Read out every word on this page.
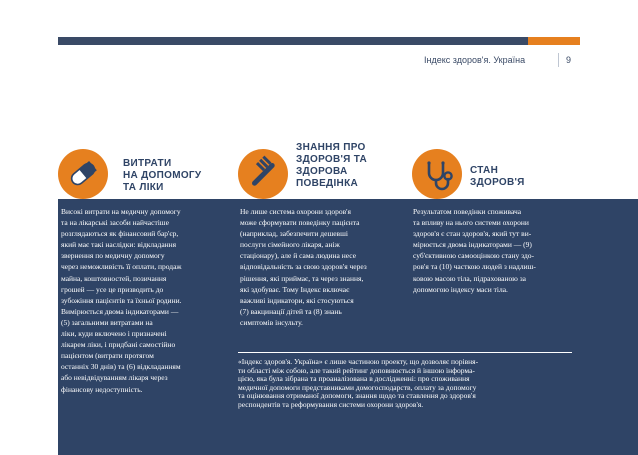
Індекс здоров'я. Україна	9
ВИТРАТИ
НА ДОПОМОГУ
ТА ЛІКИ
Високі витрати на медичну допомогу
та на лікарські засоби найчастіше
розглядаються як фінансовий бар'єр,
який має такі наслідки: відкладання
звернення по медичну допомогу
через неможливість її оплати, продаж
майна, коштовностей, позичання
грошей — усе це призводить до
зубожіння пацієнтів та їхньої родини.
Вимірюється двома індикаторами —
(5) загальними витратами на
ліки, куди включено і призначені
лікарем ліки, і придбані самостійно
пацієнтом (витрати протягом
останніх 30 днів) та (6) відкладанням
або невідвідуванням лікаря через
фінансову недоступність.
ЗНАННЯ ПРО
ЗДОРОВ'Я ТА
ЗДОРОВА
ПОВЕДІНКА
Не лише система охорони здоров'я
може сформувати поведінку пацієнта
(наприклад, забезпечити дешевші
послуги сімейного лікаря, аніж
стаціонару), але й сама людина несе
відповідальність за свою здоров'я через
рішення, які приймає, та через знання,
які здобуває. Тому Індекс включає
важливі індикатори, які стосуються
(7) вакцинації дітей та (8) знань
симптомів інсульту.
СТАН
ЗДОРОВ'Я
Результатом поведінки споживача
та впливу на нього системи охорони
здоров'я є стан здоров'я, який тут ви-
мірюється двома індикаторами — (9)
суб'єктивною самооцінкою стану здо-
ров'я та (10) часткою людей з надлиш-
ковою масою тіла, підрахованою за
допомогою індексу маси тіла.
«Індекс здоров'я. Україна» є лише частиною проекту, що дозволяє порівня-
ти області між собою, але такий рейтинг доповнюється й іншою інформа-
цією, яка була зібрана та проаналізована в дослідженні: про споживання
медичної допомоги представниками домогосподарств, оплату за допомогу
та оцінювання отриманої допомоги, знання щодо та ставлення до здоров'я
респондентів та реформування системи охорони здоров'я.
